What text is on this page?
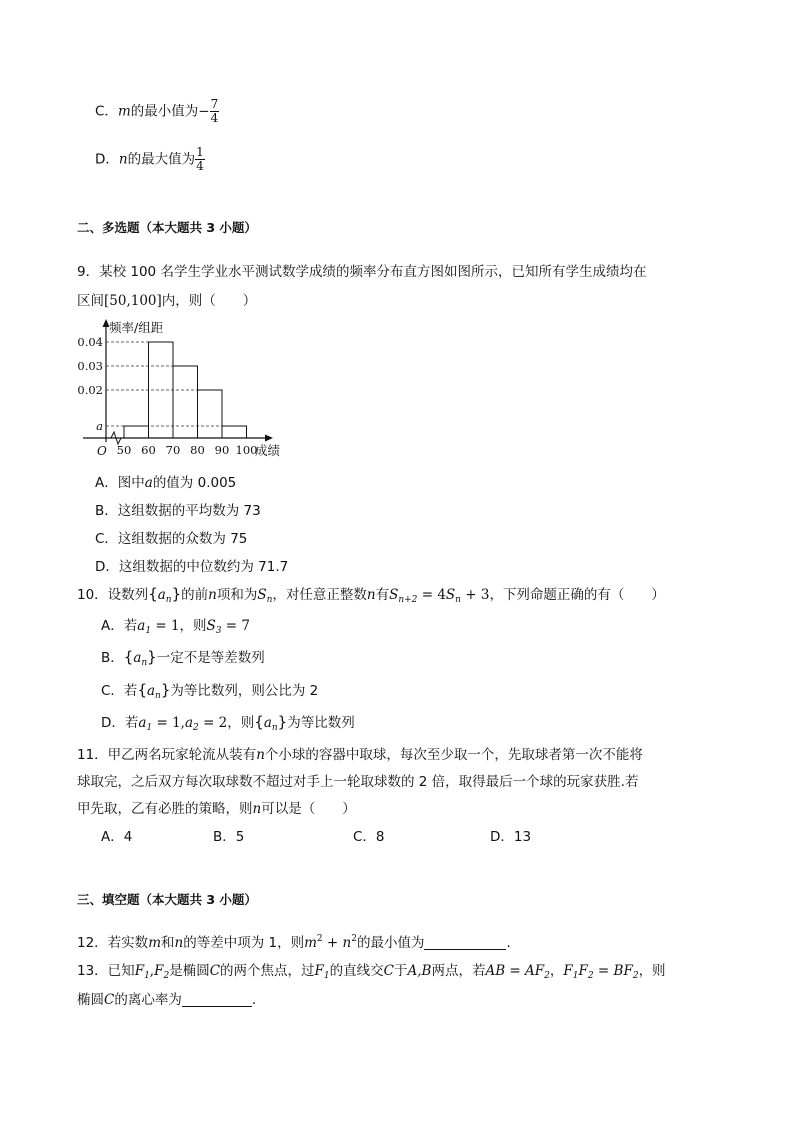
C．m的最小值为− $\frac{7}{4}$
D．n的最大值为 $\frac{1}{4}$
二、多选题（本大题共 3 小题）
9．某校 100 名学生学业水平测试数学成绩的频率分布直方图如图所示，已知所有学生成绩均在
区间[50,100]内，则（　　）
a
0.02
0.03
0.04
50 60 70 80 90 100
O
频率/组距
成绩
A．图中a的值为 0.005
B．这组数据的平均数为 73
C．这组数据的众数为 75
D．这组数据的中位数约为 71.7
10．设数列$\{a_n\}$的前n项和为$S_n$，对任意正整数n有$S_{n+2} = 4S_n + 3$，下列命题正确的有（　　）
A．若$a_1 = 1$，则$S_3 = 7$
B．$\{a_n\}$一定不是等差数列
C．若$\{a_n\}$为等比数列，则公比为 2
D．若$a_1 = 1,a_2 = 2$，则$\{a_n\}$为等比数列
11．甲乙两名玩家轮流从装有n个小球的容器中取球，每次至少取一个，先取球者第一次不能将
球取完，之后双方每次取球数不超过对手上一轮取球数的 2 倍，取得最后一个球的玩家获胜.若
甲先取，乙有必胜的策略，则n可以是（　　）
A．4	B．5	C．8	D．13
三、填空题（本大题共 3 小题）
12．若实数m和n的等差中项为 1，则$m^2 + n^2$的最小值为	.
13．已知$F_1,F_2$是椭圆C的两个焦点，过$F_1$的直线交C于A,B两点，若AB = $AF_2$，$F_1F_2 = BF_2$，则
椭圆C的离心率为	.
